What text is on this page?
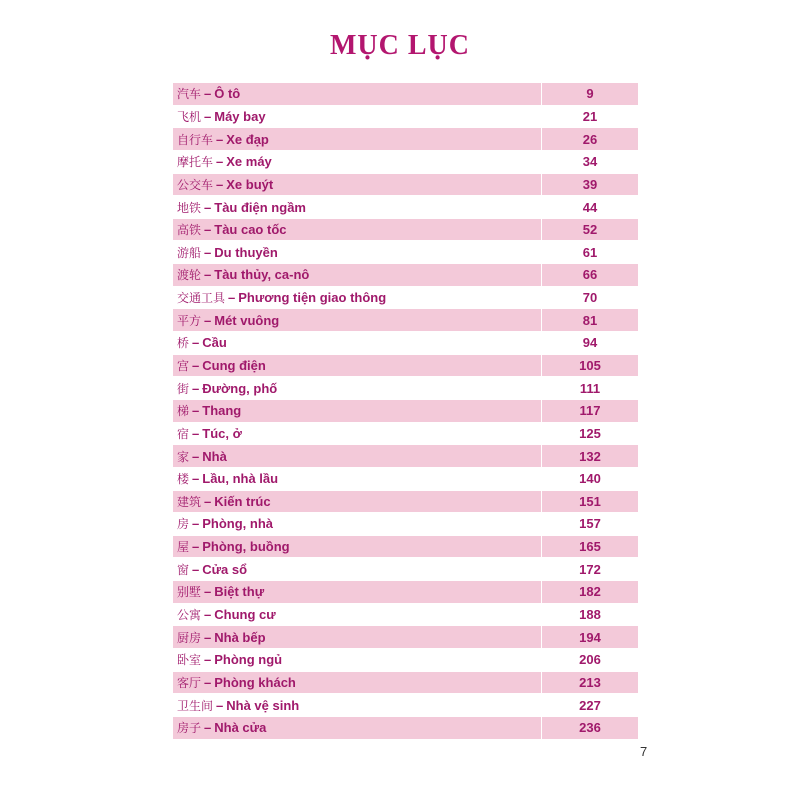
MỤC LỤC
汽车 – Ô tô	9
飞机 – Máy bay	21
自行车 – Xe đạp	26
摩托车 – Xe máy	34
公交车 – Xe buýt	39
地铁 – Tàu điện ngầm	44
高铁 – Tàu cao tốc	52
游船 – Du thuyền	61
渡轮 – Tàu thủy, ca-nô	66
交通工具 – Phương tiện giao thông	70
平方 – Mét vuông	81
桥 – Cầu	94
宫 – Cung điện	105
街 – Đường, phố	111
梯 – Thang	117
宿 – Túc, ở	125
家 – Nhà	132
楼 – Lầu, nhà lầu	140
建筑 – Kiến trúc	151
房 – Phòng, nhà	157
屋 – Phòng, buồng	165
窗 – Cửa sổ	172
别墅 – Biệt thự	182
公寓 – Chung cư	188
厨房 – Nhà bếp	194
卧室 – Phòng ngủ	206
客厅 – Phòng khách	213
卫生间 – Nhà vệ sinh	227
房子 – Nhà cửa	236
7
